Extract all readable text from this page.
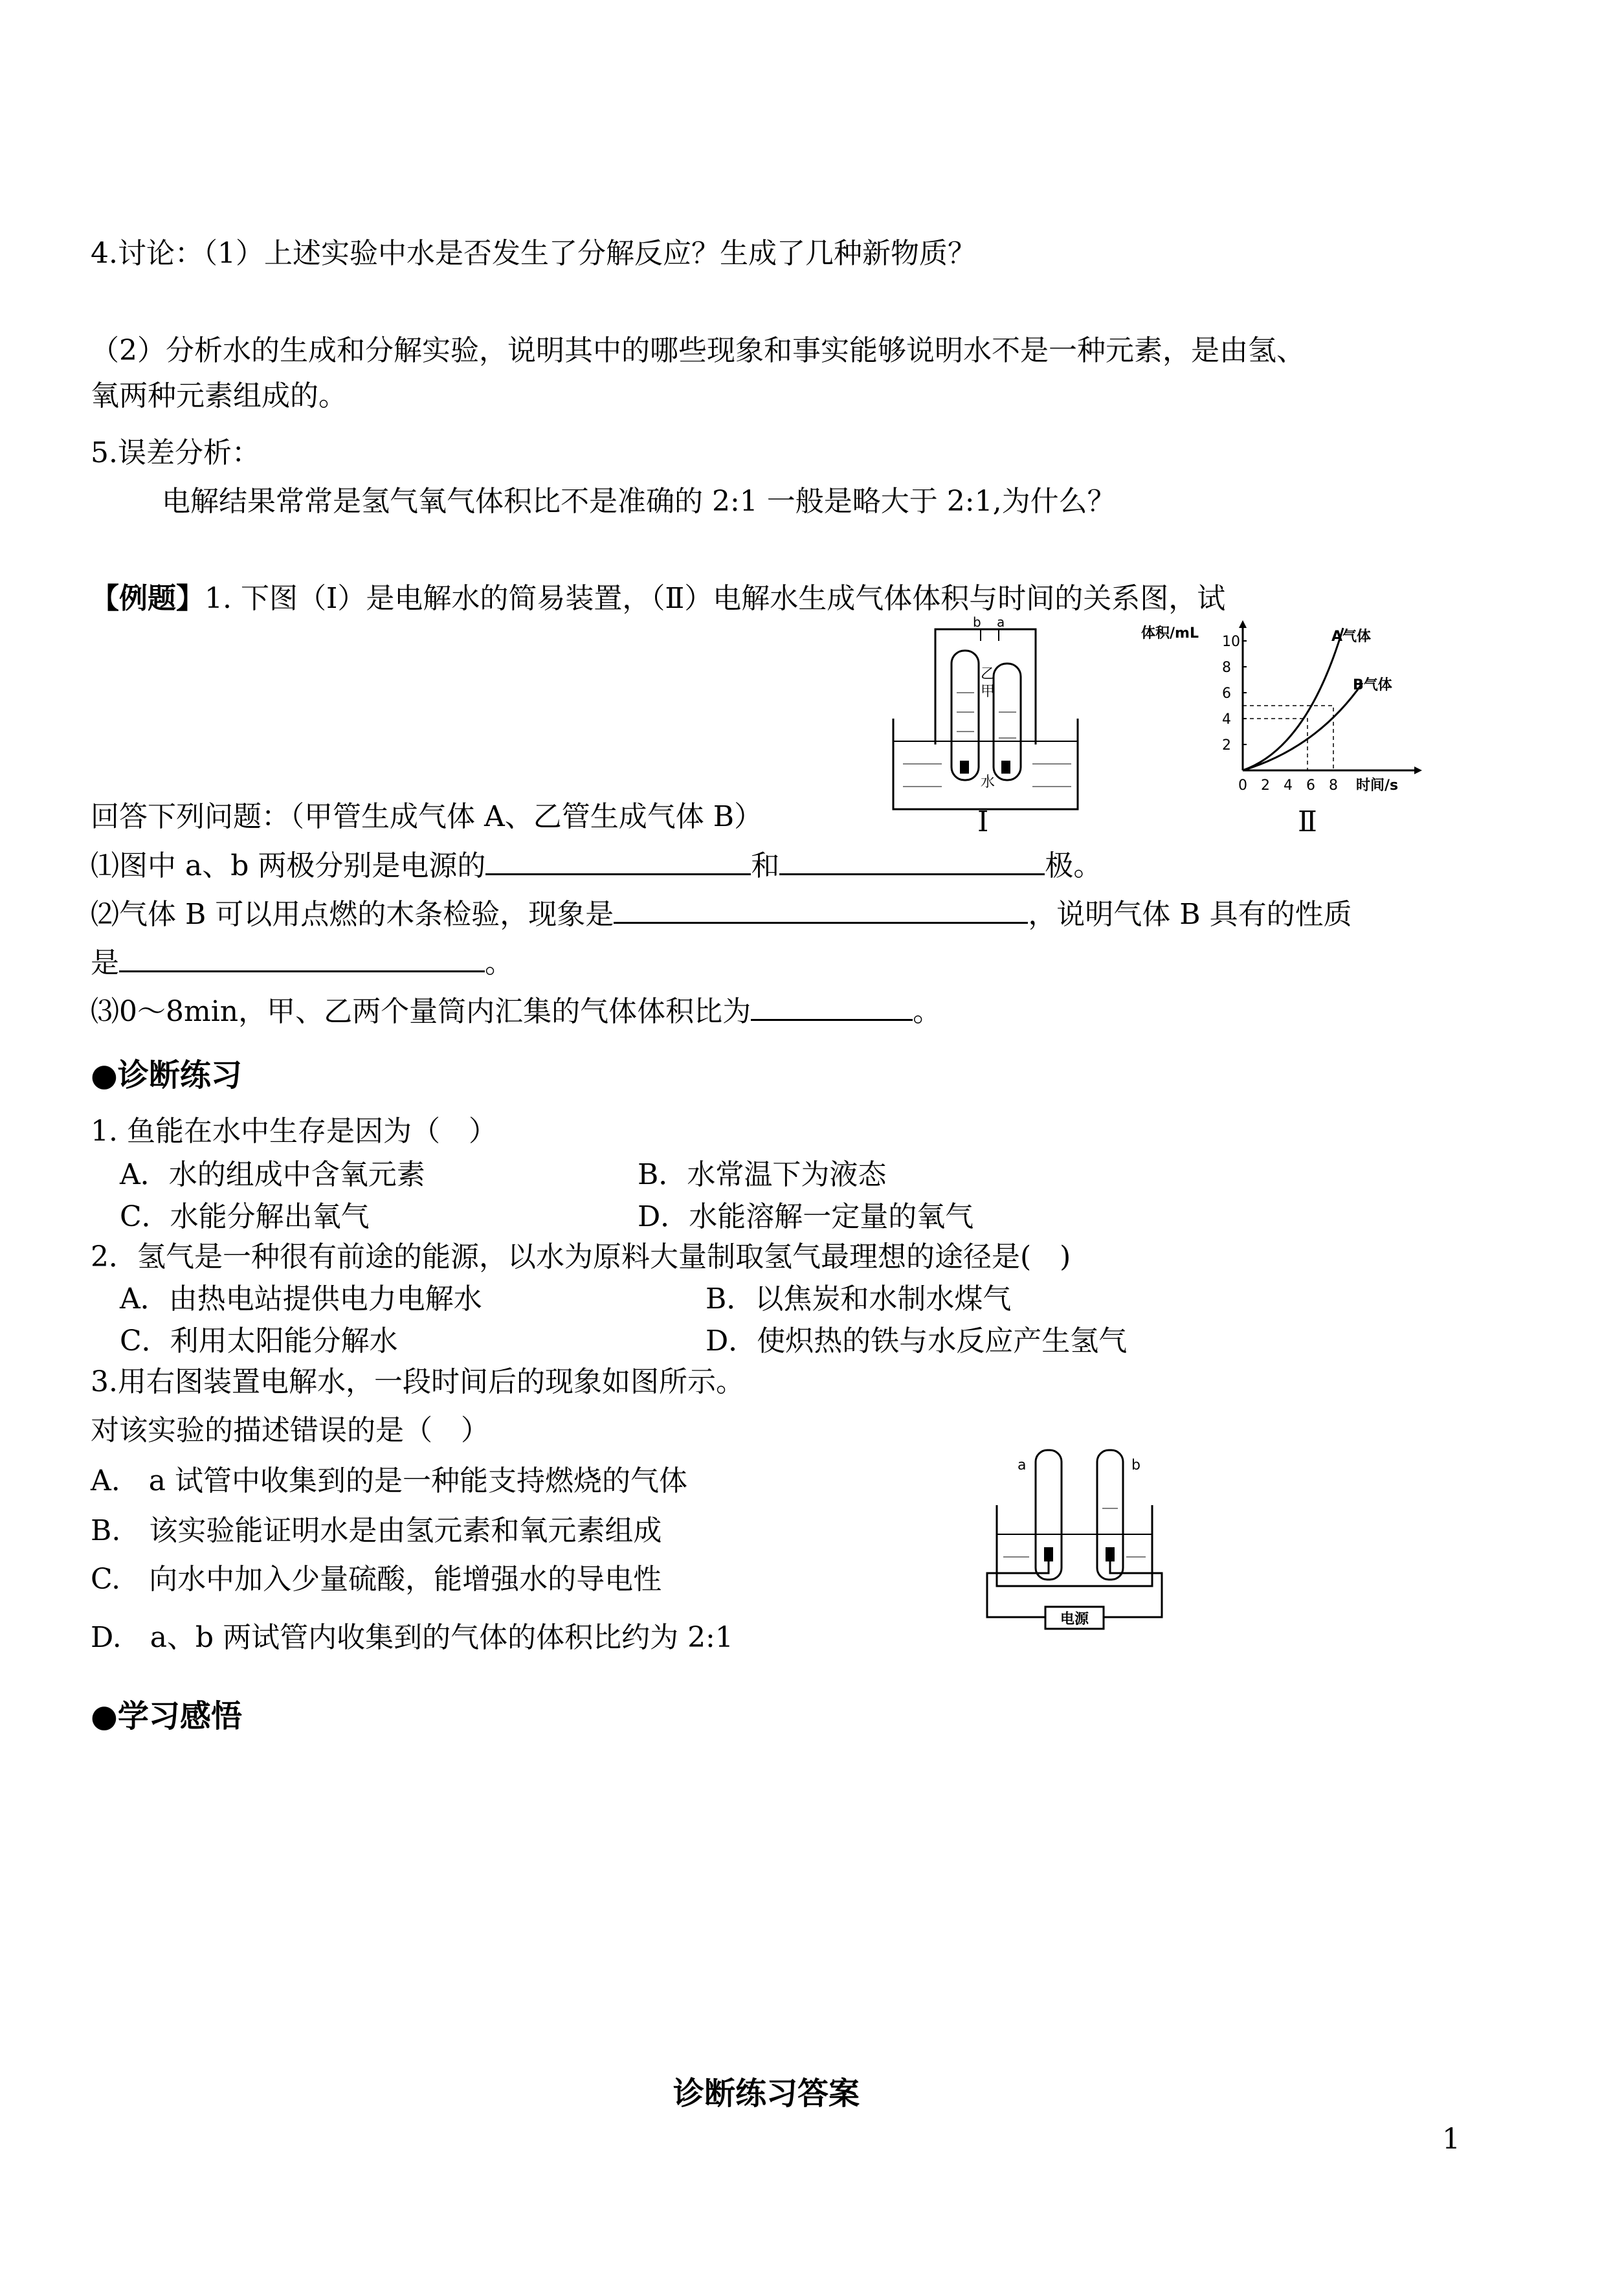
4.讨论：（1）上述实验中水是否发生了分解反应？生成了几种新物质？
（2）分析水的生成和分解实验，说明其中的哪些现象和事实能够说明水不是一种元素，是由氢、
氧两种元素组成的。
5.误差分析：
电解结果常常是氢气氧气体积比不是准确的 2:1 一般是略大于 2:1,为什么？
【例题】1. 下图（Ⅰ）是电解水的简易装置，（Ⅱ）电解水生成气体体积与时间的关系图，试
b a
乙
甲
水
Ⅰ
体积/mL
时间/s
2
4
6
8
10
0 2 4 6 8
A气体
B气体
Ⅱ
回答下列问题：（甲管生成气体 A、乙管生成气体 B）
⑴图中 a、b 两极分别是电源的	和	极。
⑵气体 B 可以用点燃的木条检验，现象是	，说明气体 B 具有的性质
是	。
⑶0～8min，甲、乙两个量筒内汇集的气体体积比为	。
●诊断练习
1. 鱼能在水中生存是因为（　）
A．水的组成中含氧元素	B．水常温下为液态
C．水能分解出氧气	D．水能溶解一定量的氧气
2．氢气是一种很有前途的能源，以水为原料大量制取氢气最理想的途径是(　)
A．由热电站提供电力电解水	B．以焦炭和水制水煤气
C．利用太阳能分解水	D．使炽热的铁与水反应产生氢气
3.用右图装置电解水，一段时间后的现象如图所示。
对该实验的描述错误的是（　）
A.　a 试管中收集到的是一种能支持燃烧的气体
B.　该实验能证明水是由氢元素和氧元素组成
C.　向水中加入少量硫酸，能增强水的导电性
D.　a、b 两试管内收集到的气体的体积比约为 2:1
a	b
电源
●学习感悟
诊断练习答案
1
